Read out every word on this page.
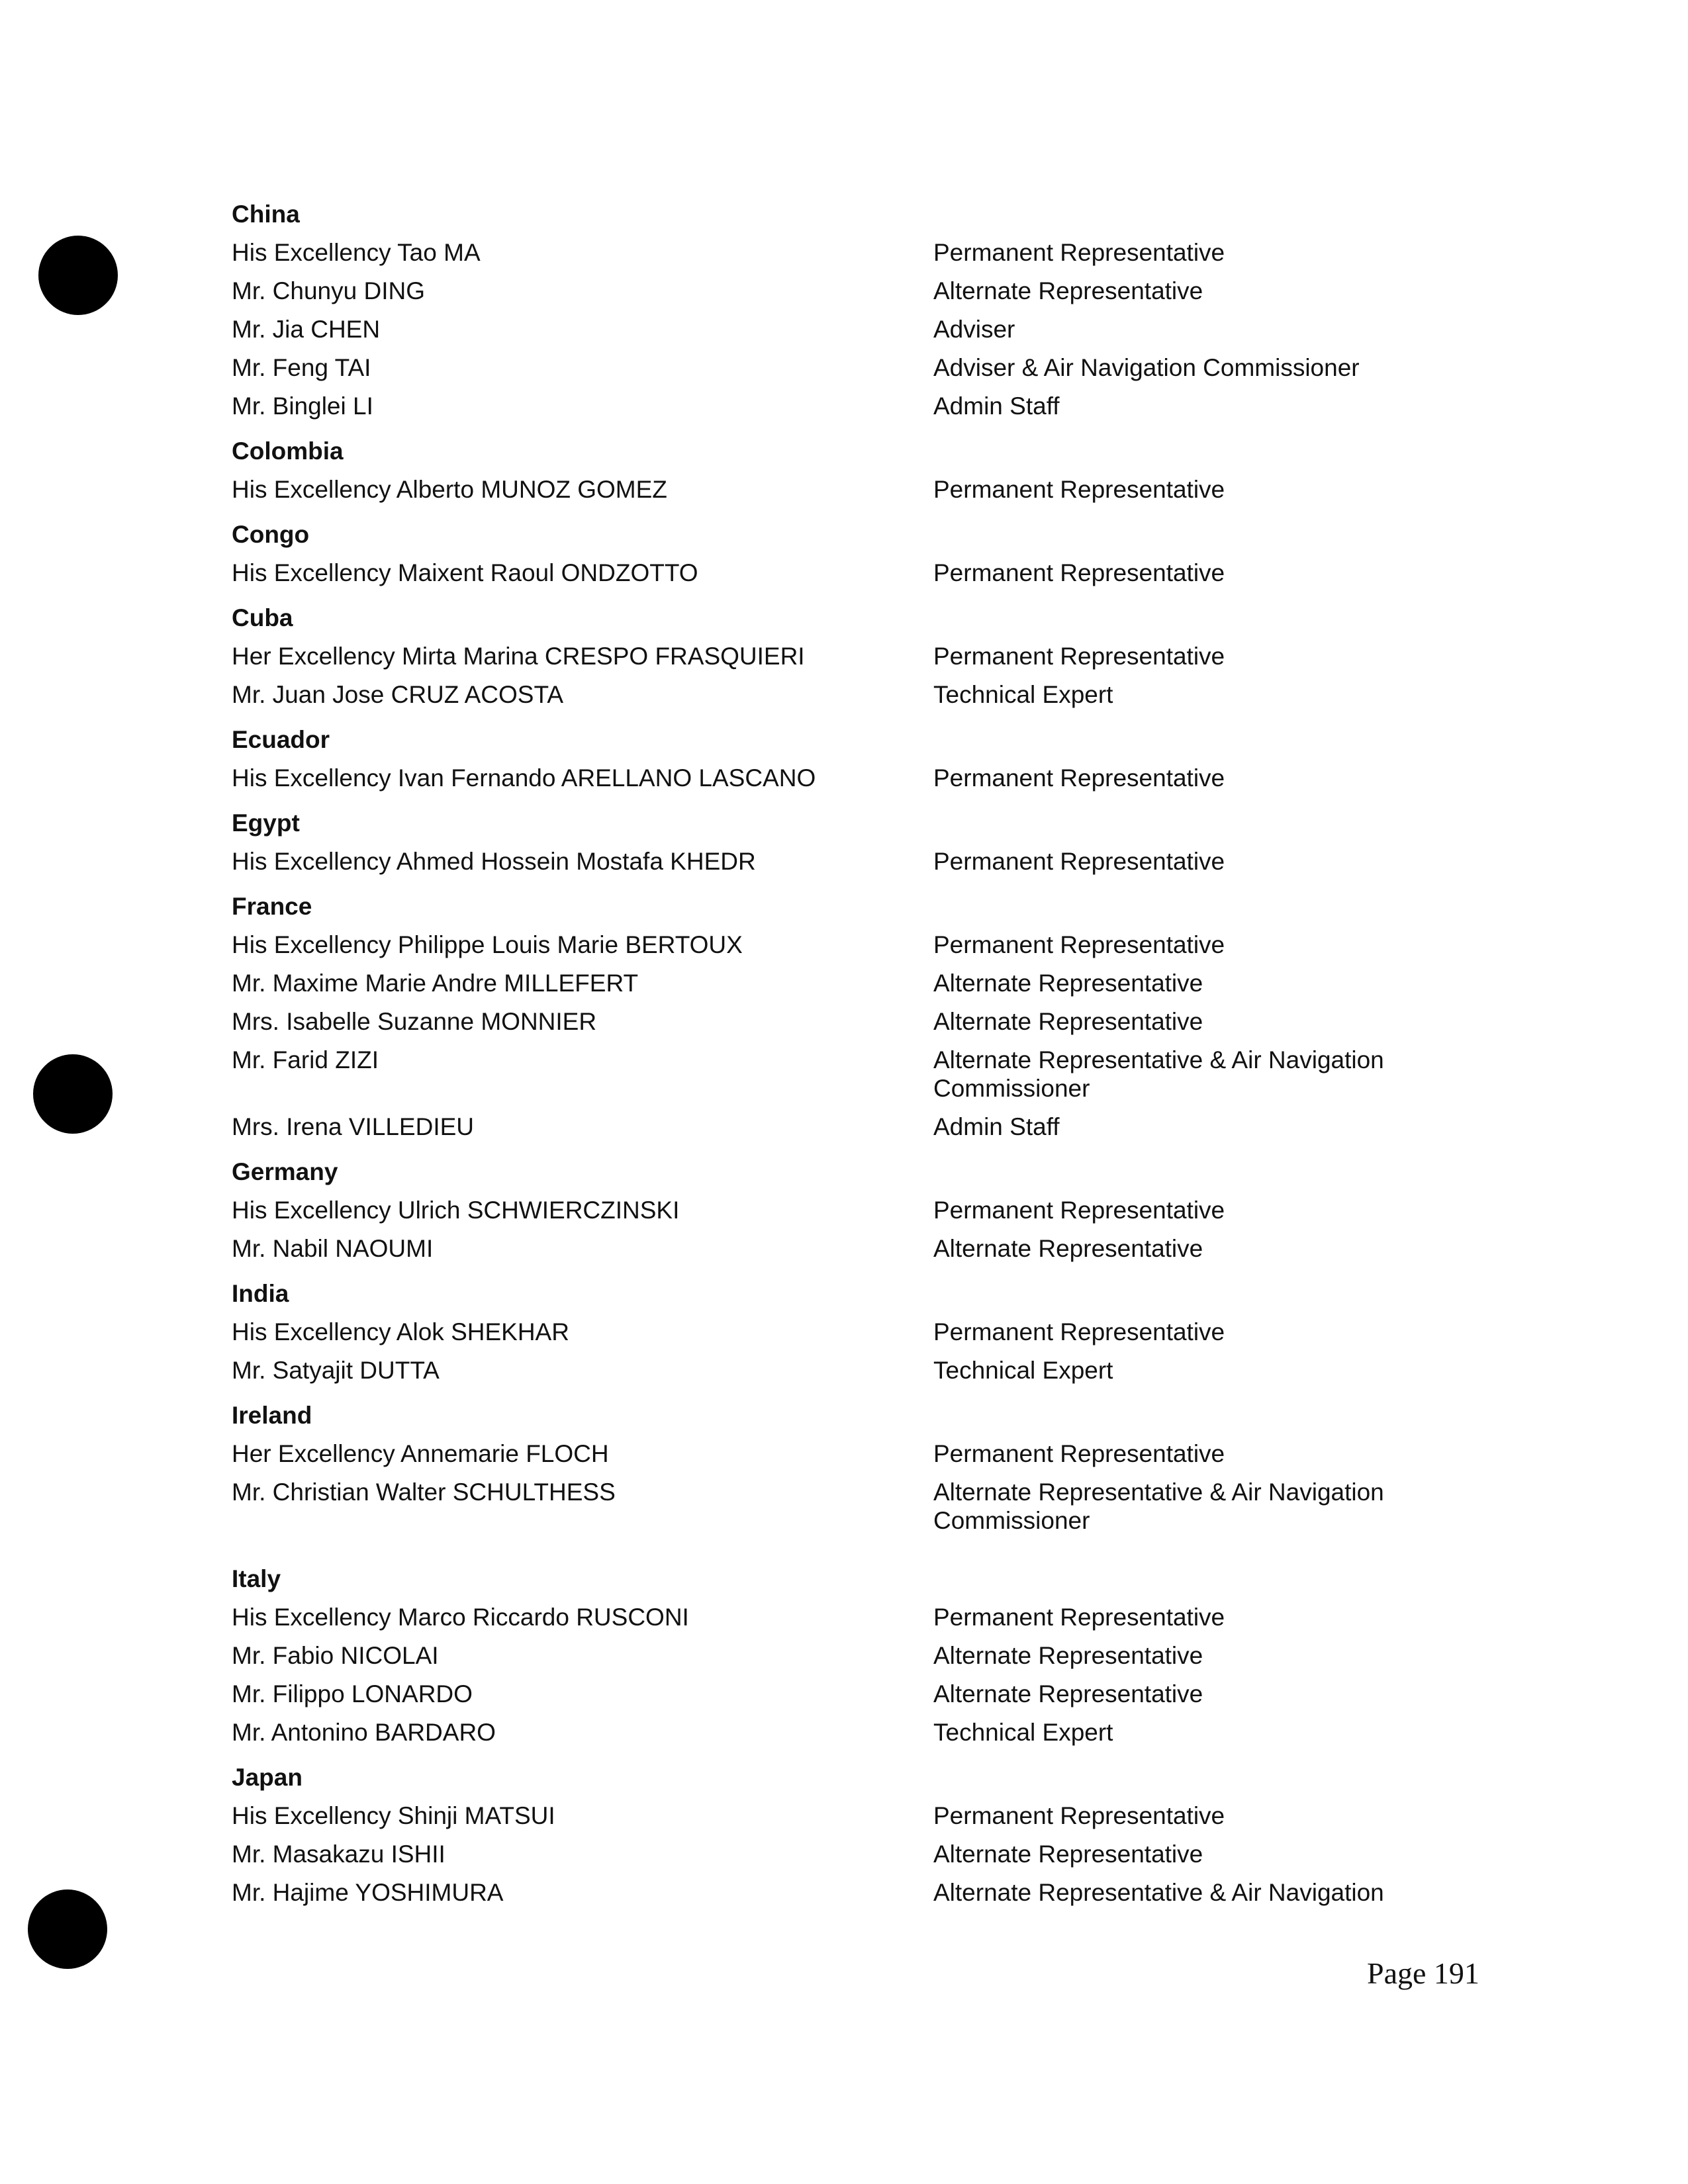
China
His Excellency Tao MA	Permanent Representative
Mr. Chunyu DING	Alternate Representative
Mr. Jia CHEN	Adviser
Mr. Feng TAI	Adviser & Air Navigation Commissioner
Mr. Binglei LI	Admin Staff
Colombia
His Excellency Alberto MUNOZ GOMEZ	Permanent Representative
Congo
His Excellency Maixent Raoul ONDZOTTO	Permanent Representative
Cuba
Her Excellency Mirta Marina CRESPO FRASQUIERI	Permanent Representative
Mr. Juan Jose CRUZ ACOSTA	Technical Expert
Ecuador
His Excellency Ivan Fernando ARELLANO LASCANO	Permanent Representative
Egypt
His Excellency Ahmed Hossein Mostafa KHEDR	Permanent Representative
France
His Excellency Philippe Louis Marie BERTOUX	Permanent Representative
Mr. Maxime Marie Andre MILLEFERT	Alternate Representative
Mrs. Isabelle Suzanne MONNIER	Alternate Representative
Mr. Farid ZIZI	Alternate Representative & Air Navigation Commissioner
Mrs. Irena VILLEDIEU	Admin Staff
Germany
His Excellency Ulrich SCHWIERCZINSKI	Permanent Representative
Mr. Nabil NAOUMI	Alternate Representative
India
His Excellency Alok SHEKHAR	Permanent Representative
Mr. Satyajit DUTTA	Technical Expert
Ireland
Her Excellency Annemarie FLOCH	Permanent Representative
Mr. Christian Walter SCHULTHESS	Alternate Representative & Air Navigation Commissioner
Italy
His Excellency Marco Riccardo RUSCONI	Permanent Representative
Mr. Fabio NICOLAI	Alternate Representative
Mr. Filippo LONARDO	Alternate Representative
Mr. Antonino BARDARO	Technical Expert
Japan
His Excellency Shinji MATSUI	Permanent Representative
Mr. Masakazu ISHII	Alternate Representative
Mr. Hajime YOSHIMURA	Alternate Representative & Air Navigation
Page 191
